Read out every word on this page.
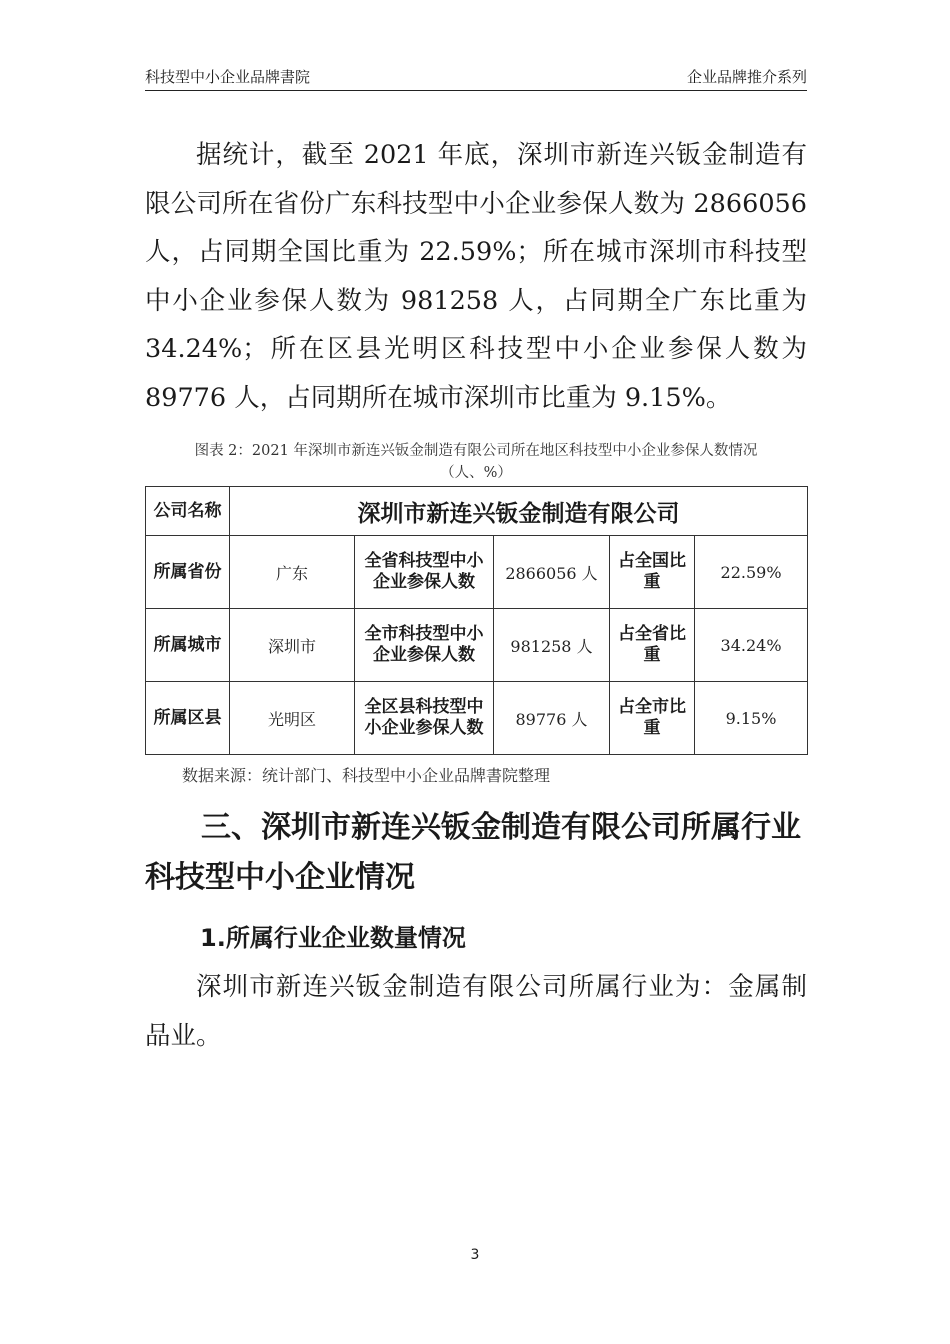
科技型中小企业品牌書院	企业品牌推介系列

据统计，截至 2021 年底，深圳市新连兴钣金制造有限公司所在省份广东科技型中小企业参保人数为 2866056 人，占同期全国比重为 22.59%；所在城市深圳市科技型中小企业参保人数为 981258 人，占同期全广东比重为 34.24%；所在区县光明区科技型中小企业参保人数为 89776 人，占同期所在城市深圳市比重为 9.15%。

图表 2：2021 年深圳市新连兴钣金制造有限公司所在地区科技型中小企业参保人数情况
（人、%）
公司名称	深圳市新连兴钣金制造有限公司				
所属省份	广东	全省科技型中小企业参保人数	2866056 人	占全国比重	22.59%
所属城市	深圳市	全市科技型中小企业参保人数	981258 人	占全省比重	34.24%
所属区县	光明区	全区县科技型中小企业参保人数	89776 人	占全市比重	9.15%

数据来源：统计部门、科技型中小企业品牌書院整理

三、深圳市新连兴钣金制造有限公司所属行业科技型中小企业情况

1.所属行业企业数量情况

深圳市新连兴钣金制造有限公司所属行业为：金属制品业。

3
